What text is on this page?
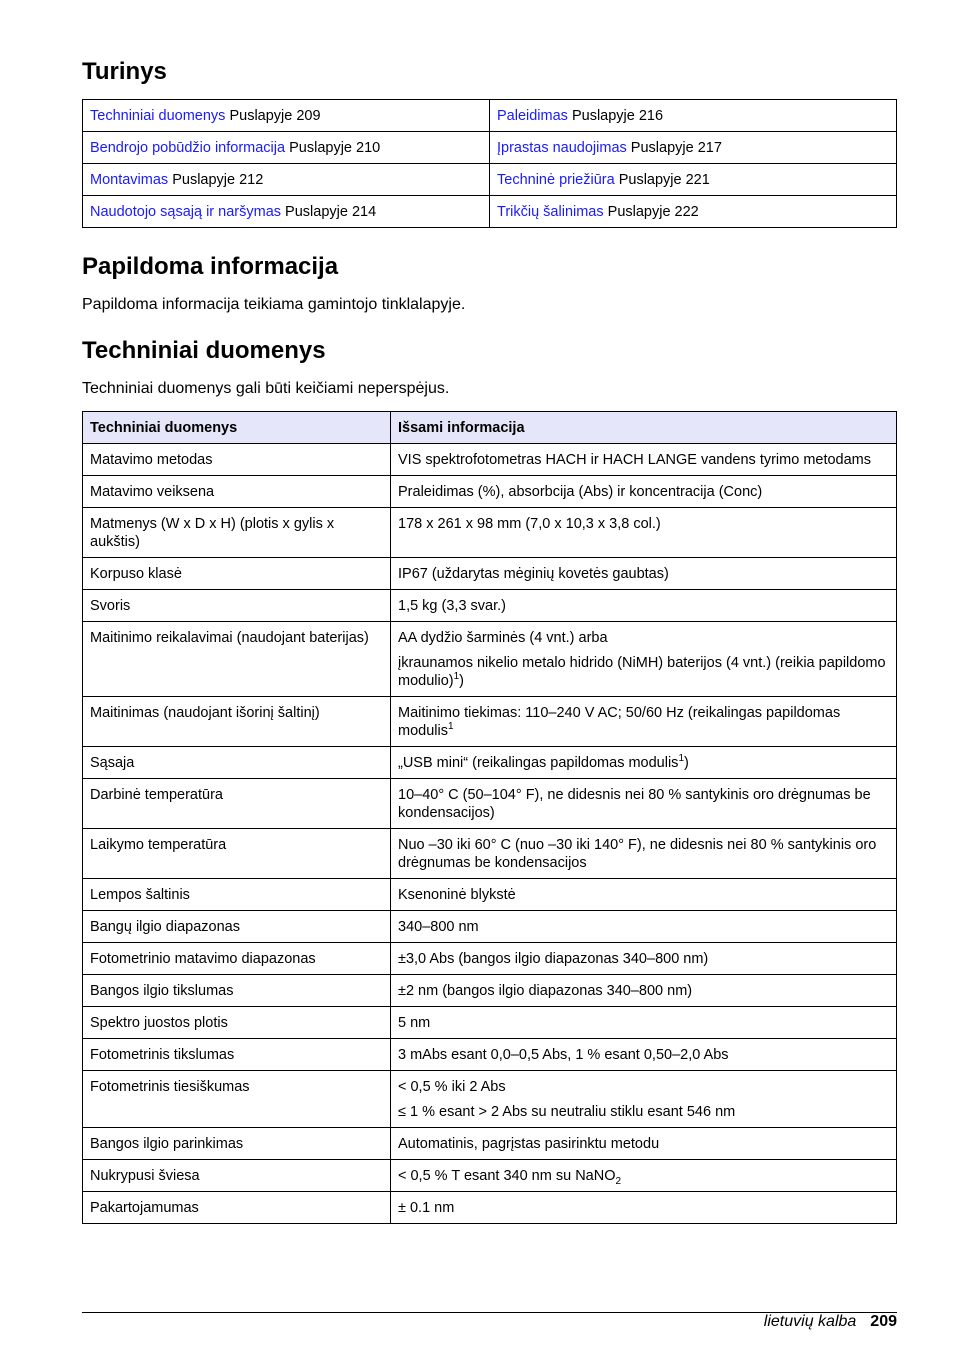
Turinys
Techniniai duomenys Puslapyje 209	Paleidimas Puslapyje 216
Bendrojo pobūdžio informacija Puslapyje 210	Įprastas naudojimas Puslapyje 217
Montavimas Puslapyje 212	Techninė priežiūra Puslapyje 221
Naudotojo sąsają ir naršymas Puslapyje 214	Trikčių šalinimas Puslapyje 222
Papildoma informacija

Papildoma informacija teikiama gamintojo tinklalapyje.

Techniniai duomenys

Techniniai duomenys gali būti keičiami neperspėjus.

Techniniai duomenys	Išsami informacija
Matavimo metodas	VIS spektrofotometras HACH ir HACH LANGE vandens tyrimo metodams

Matavimo veiksena	Praleidimas (%), absorbcija (Abs) ir koncentracija (Conc)

Matmenys (W x D x H) (plotis x gylis x aukštis)	178 x 261 x 98 mm (7,0 x 10,3 x 3,8 col.)

Korpuso klasė	IP67 (uždarytas mėginių kovetės gaubtas)

Svoris	1,5 kg (3,3 svar.)

Maitinimo reikalavimai (naudojant baterijas)	AA dydžio šarminės (4 vnt.) arba

įkraunamos nikelio metalo hidrido (NiMH) baterijos (4 vnt.) (reikia papildomo modulio)$^1$)

Maitinimas (naudojant išorinį šaltinį)	Maitinimo tiekimas: 110–240 V AC; 50/60 Hz (reikalingas papildomas modulis$^1$

Sąsaja	„USB mini“ (reikalingas papildomas modulis$^1$)

Darbinė temperatūra	10–40° C (50–104° F), ne didesnis nei 80 % santykinis oro drėgnumas be kondensacijos)

Laikymo temperatūra	Nuo –30 iki 60° C (nuo –30 iki 140° F), ne didesnis nei 80 % santykinis oro drėgnumas be kondensacijos

Lempos šaltinis	Ksenoninė blykstė

Bangų ilgio diapazonas	340–800 nm

Fotometrinio matavimo diapazonas	±3,0 Abs (bangos ilgio diapazonas 340–800 nm)

Bangos ilgio tikslumas	±2 nm (bangos ilgio diapazonas 340–800 nm)

Spektro juostos plotis	5 nm

Fotometrinis tikslumas	3 mAbs esant 0,0–0,5 Abs, 1 % esant 0,50–2,0 Abs

Fotometrinis tiesiškumas	< 0,5 % iki 2 Abs

≤ 1 % esant > 2 Abs su neutraliu stiklu esant 546 nm

Bangos ilgio parinkimas	Automatinis, pagrįstas pasirinktu metodu

Nukrypusi šviesa	< 0,5 % T esant 340 nm su NaNO$_2$

Pakartojamumas	± 0.1 nm

lietuvių kalba 209
